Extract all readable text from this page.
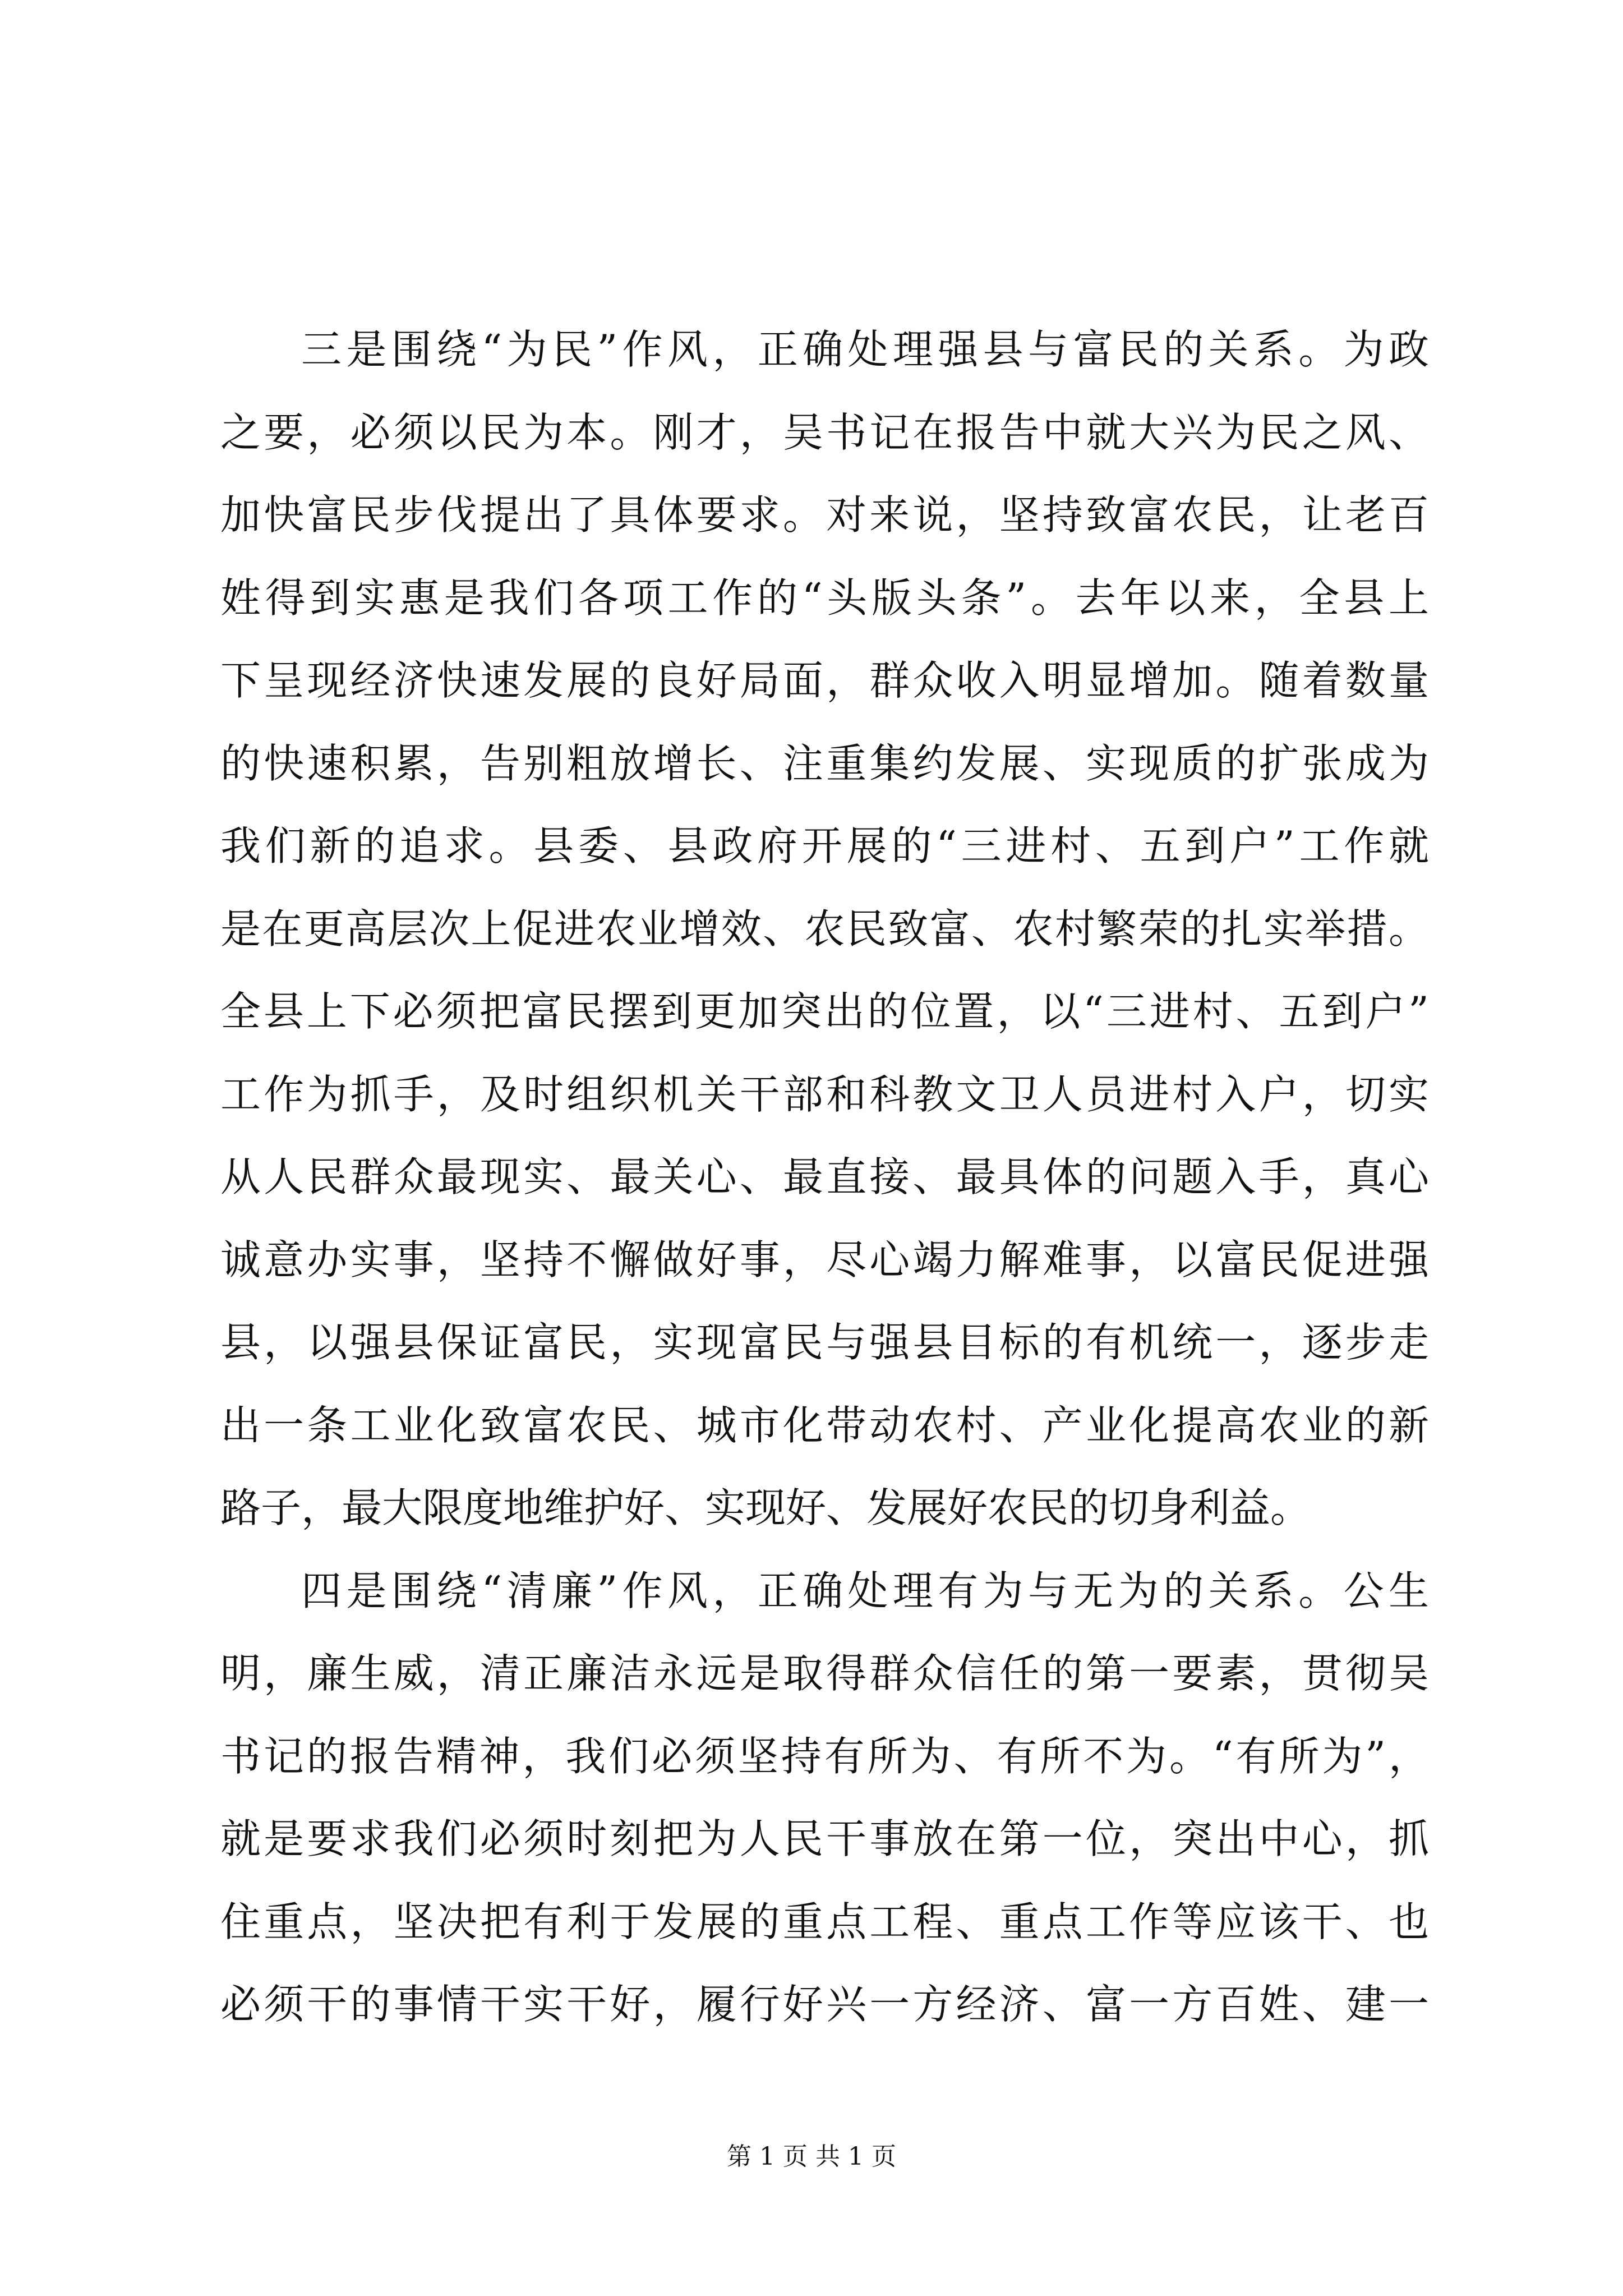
三是围绕“为民”作风，正确处理强县与富民的关系。为政
之要，必须以民为本。刚才，吴书记在报告中就大兴为民之风、
加快富民步伐提出了具体要求。对来说，坚持致富农民，让老百
姓得到实惠是我们各项工作的“头版头条”。去年以来，全县上
下呈现经济快速发展的良好局面，群众收入明显增加。随着数量
的快速积累，告别粗放增长、注重集约发展、实现质的扩张成为
我们新的追求。县委、县政府开展的“三进村、五到户”工作就
是在更高层次上促进农业增效、农民致富、农村繁荣的扎实举措。
全县上下必须把富民摆到更加突出的位置，以“三进村、五到户”
工作为抓手，及时组织机关干部和科教文卫人员进村入户，切实
从人民群众最现实、最关心、最直接、最具体的问题入手，真心
诚意办实事，坚持不懈做好事，尽心竭力解难事，以富民促进强
县，以强县保证富民，实现富民与强县目标的有机统一，逐步走
出一条工业化致富农民、城市化带动农村、产业化提高农业的新
路子，最大限度地维护好、实现好、发展好农民的切身利益。
四是围绕“清廉”作风，正确处理有为与无为的关系。公生
明，廉生威，清正廉洁永远是取得群众信任的第一要素，贯彻吴
书记的报告精神，我们必须坚持有所为、有所不为。“有所为”，
就是要求我们必须时刻把为人民干事放在第一位，突出中心，抓
住重点，坚决把有利于发展的重点工程、重点工作等应该干、也
必须干的事情干实干好，履行好兴一方经济、富一方百姓、建一
第 1 页 共 1 页
